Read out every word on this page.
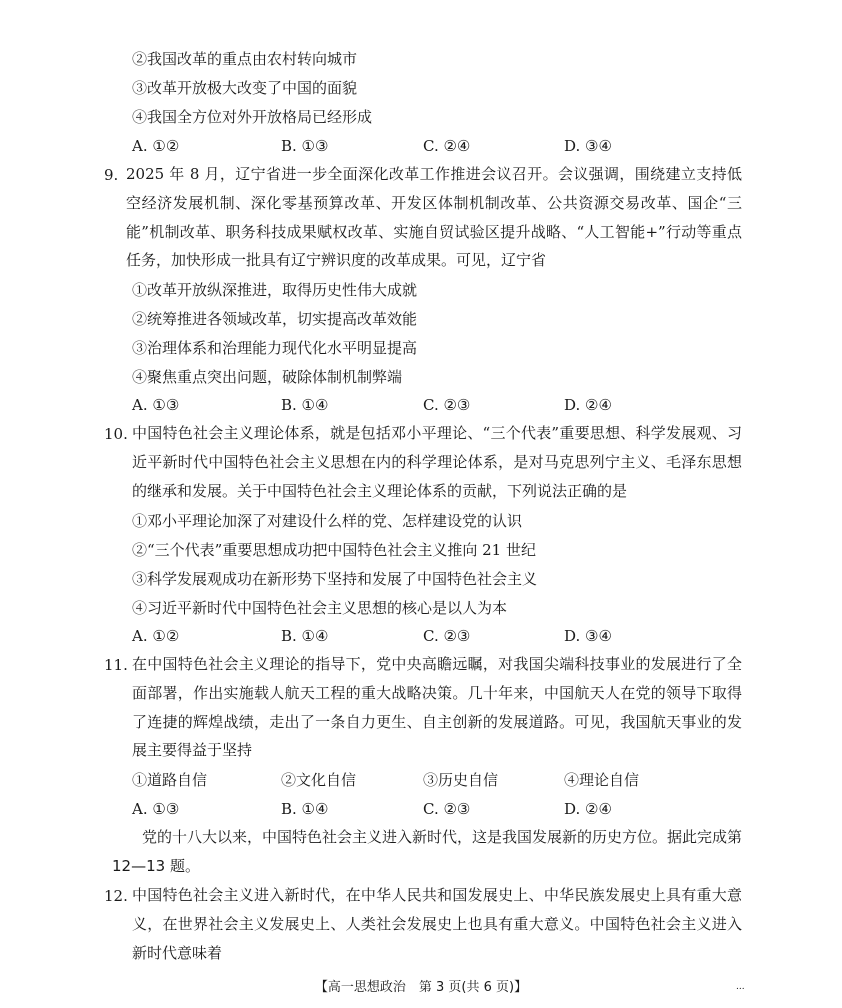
②我国改革的重点由农村转向城市
③改革开放极大改变了中国的面貌
④我国全方位对外开放格局已经形成
A. ①②	B. ①③	C. ②④	D. ③④
9. 2025 年 8 月，辽宁省进一步全面深化改革工作推进会议召开。会议强调，围绕建立支持低空经济发展机制、深化零基预算改革、开发区体制机制改革、公共资源交易改革、国企“三能”机制改革、职务科技成果赋权改革、实施自贸试验区提升战略、“人工智能+”行动等重点任务，加快形成一批具有辽宁辨识度的改革成果。可见，辽宁省
①改革开放纵深推进，取得历史性伟大成就
②统筹推进各领域改革，切实提高改革效能
③治理体系和治理能力现代化水平明显提高
④聚焦重点突出问题，破除体制机制弊端
A. ①③	B. ①④	C. ②③	D. ②④
10. 中国特色社会主义理论体系，就是包括邓小平理论、“三个代表”重要思想、科学发展观、习近平新时代中国特色社会主义思想在内的科学理论体系，是对马克思列宁主义、毛泽东思想的继承和发展。关于中国特色社会主义理论体系的贡献，下列说法正确的是
①邓小平理论加深了对建设什么样的党、怎样建设党的认识
②“三个代表”重要思想成功把中国特色社会主义推向 21 世纪
③科学发展观成功在新形势下坚持和发展了中国特色社会主义
④习近平新时代中国特色社会主义思想的核心是以人为本
A. ①②	B. ①④	C. ②③	D. ③④
11. 在中国特色社会主义理论的指导下，党中央高瞻远瞩，对我国尖端科技事业的发展进行了全面部署，作出实施载人航天工程的重大战略决策。几十年来，中国航天人在党的领导下取得了连捷的辉煌战绩，走出了一条自力更生、自主创新的发展道路。可见，我国航天事业的发展主要得益于坚持
①道路自信	②文化自信	③历史自信	④理论自信
A. ①③	B. ①④	C. ②③	D. ②④
党的十八大以来，中国特色社会主义进入新时代，这是我国发展新的历史方位。据此完成第 12—13 题。
12. 中国特色社会主义进入新时代，在中华人民共和国发展史上、中华民族发展史上具有重大意义，在世界社会主义发展史上、人类社会发展史上也具有重大意义。中国特色社会主义进入新时代意味着
【高一思想政治　第 3 页(共 6 页)】	...
